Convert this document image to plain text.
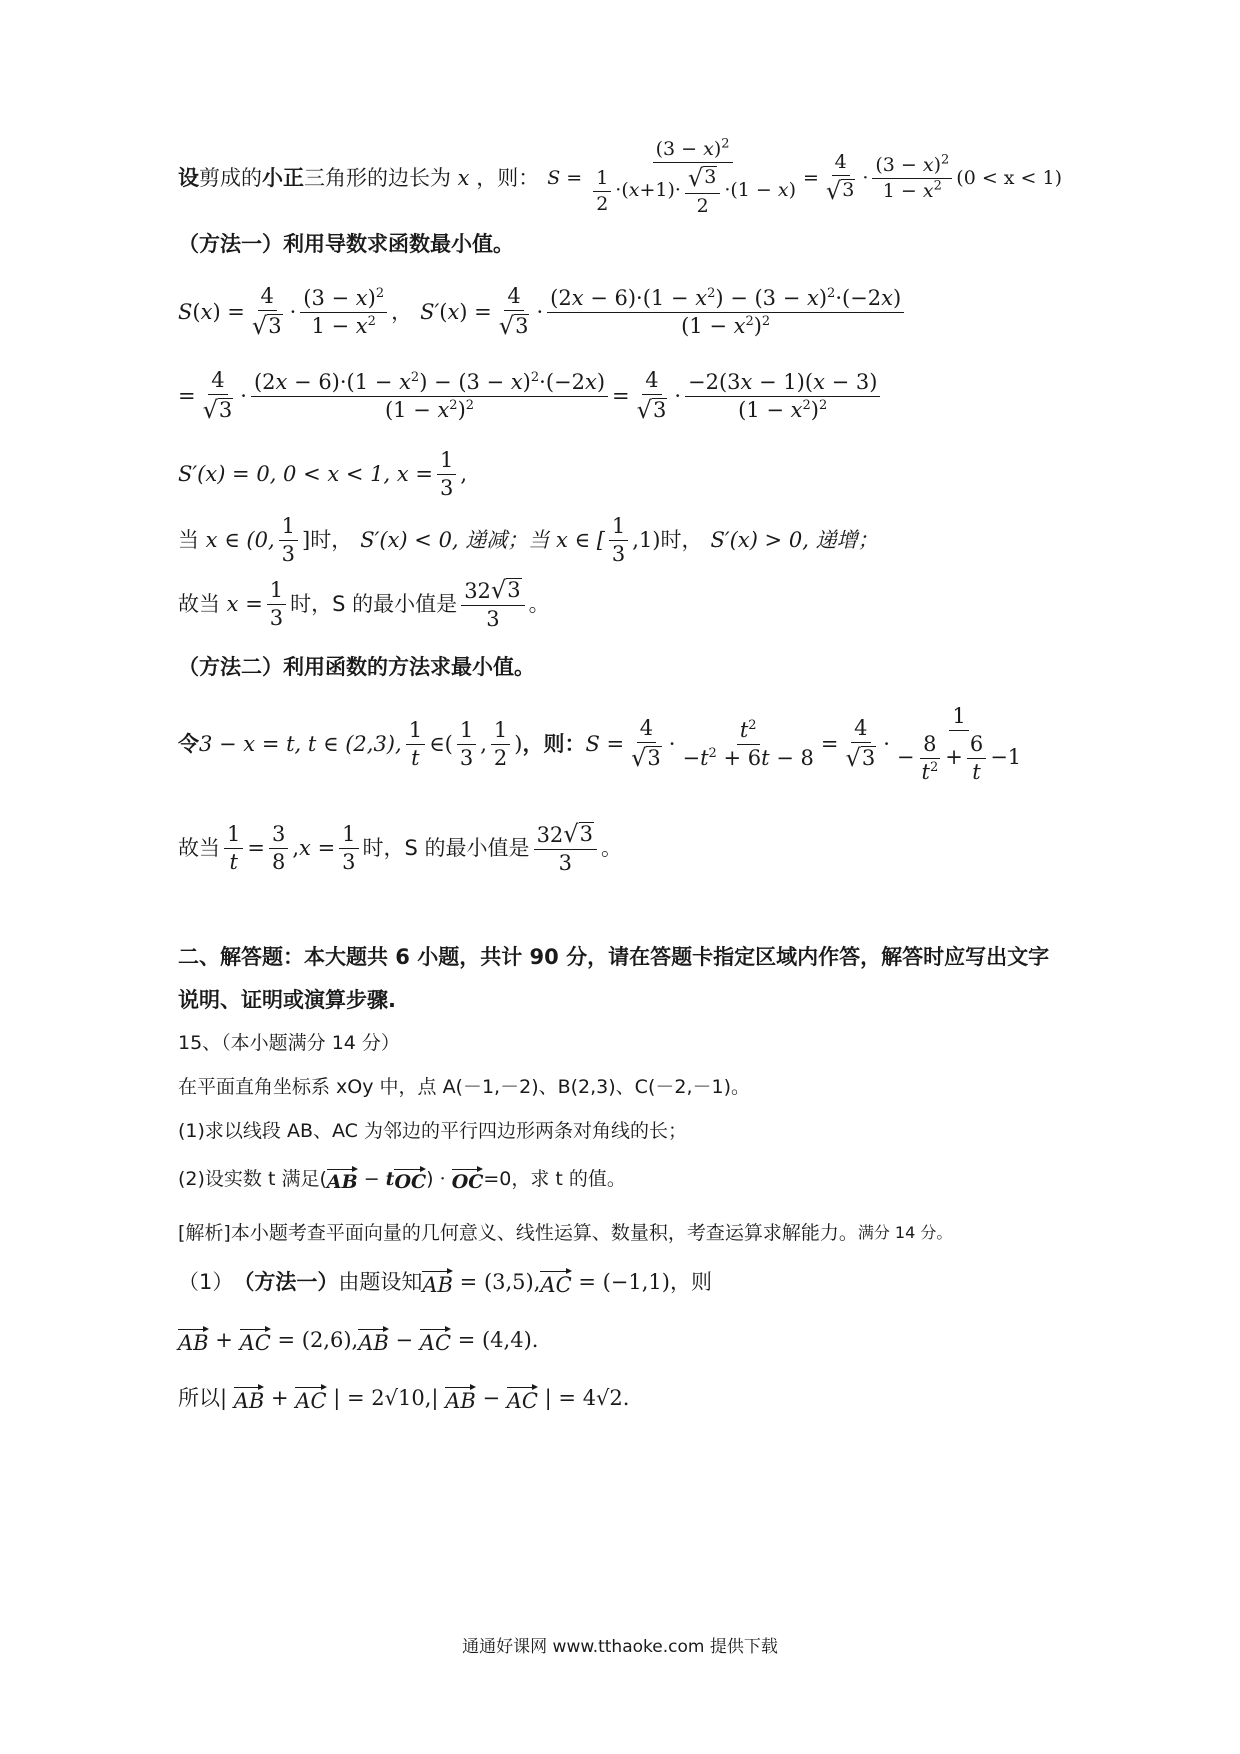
设 剪成的 小正 三角形的边长为 x ，则： $S = \frac{(3 - x)^2}{\frac{1}{2} \cdot(x+1)\cdot \frac{√ 3}{2} \cdot(1 - x)} = \frac{4}{√ 3} \cdot \frac{(3 - x)^2}{1 - x^2} (0 < x < 1)$
（方法一）利用导数求函数最小值。
S ( x ) = $\frac{4}{√ 3} \cdot \frac{(3 - x)^2}{1 - x^2}$ ， S′ ( x ) = $\frac{4}{√ 3} \cdot \frac{(2x - 6)\cdot(1 - x^2) - (3 - x)^2\cdot(-2x)}{(1 - x^2)^2}$
= $\frac{4}{√ 3} \cdot \frac{(2x - 6)\cdot(1 - x^2) - (3 - x)^2\cdot(-2x)}{(1 - x^2)^2} = \frac{4}{√ 3} \cdot \frac{-2(3x - 1)(x - 3)}{(1 - x^2)^2}$
S′(x) = 0, 0 < x < 1, $x = \frac{1}{3}$ ,
当 x ∈ (0, $\frac{1}{3}$ ] 时， S′(x) < 0, 递减；当 x ∈ [ $\frac{1}{3} ,1$) 时， S′(x) > 0, 递增；
故当 $x = \frac{1}{3}$ 时，S 的最小值是 $\frac{32 √ 3}{3}$ 。
（方法二）利用函数的方法求最小值。
令 3 − x = t, t ∈ (2,3), $\frac{1}{t}$ ∈( $\frac{1}{3}$ , $\frac{1}{2}$ ) ，则： $S = \frac{4}{√ 3} \cdot \frac{t^2}{-t^2 + 6t - 8} = \frac{4}{√ 3} \cdot \frac{1}{- \frac{8}{t^2} + \frac{6}{t} -1}$
故当 $\frac{1}{t} = \frac{3}{8}$ , $x = \frac{1}{3}$ 时，S 的最小值是 $\frac{32 √ 3}{3}$ 。
二、解答题：本大题共 6 小题，共计 90 分，请在答题卡指定区域内作答，解答时应写出文字
说明、证明或演算步骤.
15、（本小题满分 14 分）
在平面直角坐标系 xOy 中，点 A(－1,－2)、B(2,3)、C(－2,－1)。
(1)求以线段 AB、AC 为邻边的平行四边形两条对角线的长；
(2)设实数 t 满足( AB − t OC ) · OC =0，求 t 的值。
[解析]本小题考查平面向量的几何意义、线性运算、数量积，考查运算求解能力。 满分 14 分。
（1） （方法一） 由题设知 AB
= (3,5), AC
= (−1,1)，则
AB + AC
= (2,6), AB − AC
= (4,4).
所以 | AB + AC | = 2√10, | AB − AC | = 4√2.
通通好课网 www.tthaoke.com 提供下载
